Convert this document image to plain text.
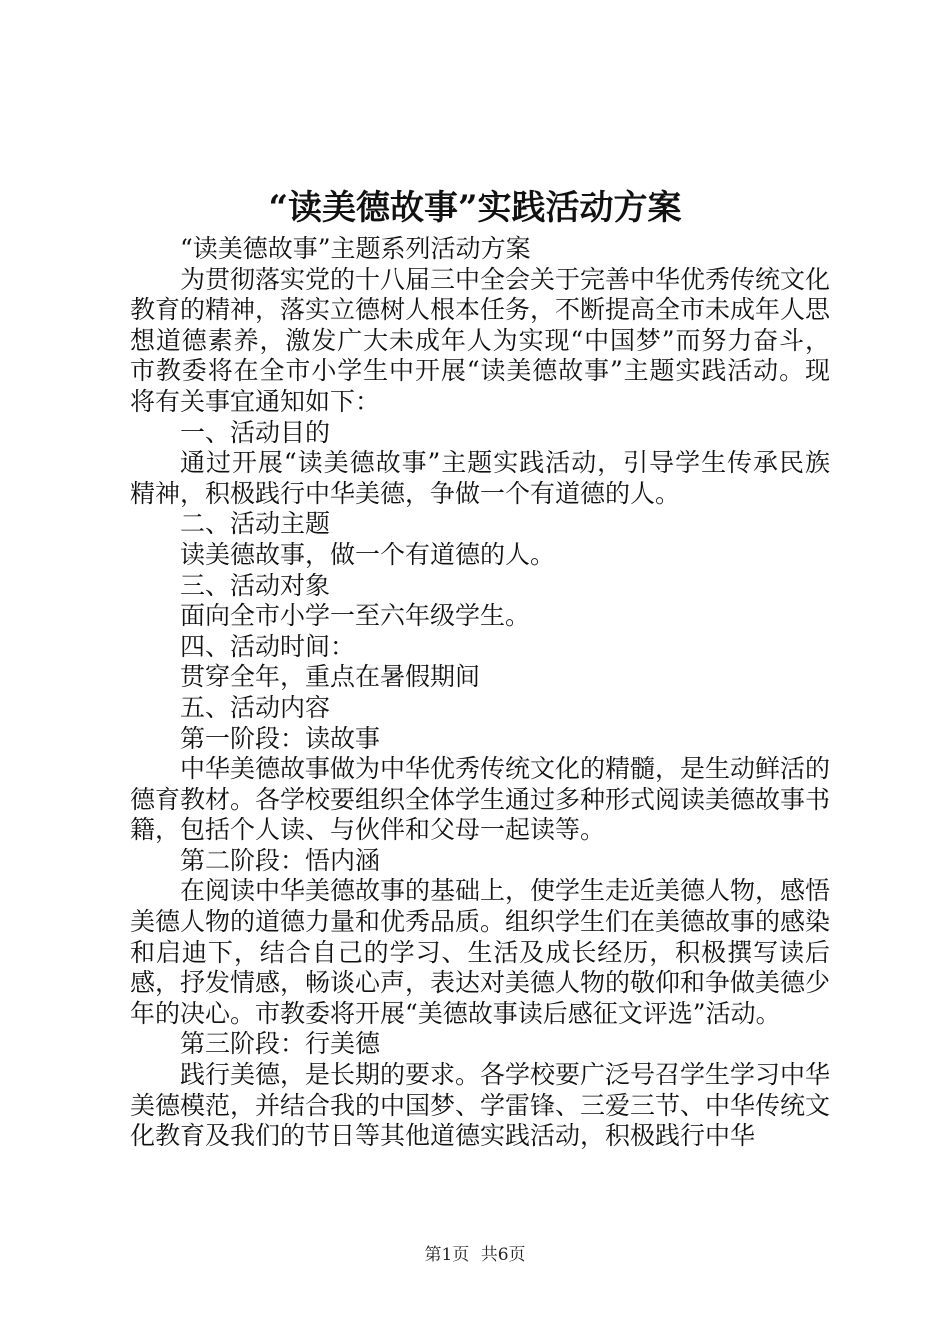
“读美德故事”实践活动方案

“读美德故事”主题系列活动方案

为贯彻落实党的十八届三中全会关于完善中华优秀传统文化教育的精神，落实立德树人根本任务，不断提高全市未成年人思想道德素养，激发广大未成年人为实现“中国梦”而努力奋斗，市教委将在全市小学生中开展“读美德故事”主题实践活动。现将有关事宜通知如下：

一、活动目的

通过开展“读美德故事”主题实践活动，引导学生传承民族精神，积极践行中华美德，争做一个有道德的人。

二、活动主题

读美德故事，做一个有道德的人。

三、活动对象

面向全市小学一至六年级学生。

四、活动时间：

贯穿全年，重点在暑假期间

五、活动内容

第一阶段：读故事

中华美德故事做为中华优秀传统文化的精髓，是生动鲜活的德育教材。各学校要组织全体学生通过多种形式阅读美德故事书籍，包括个人读、与伙伴和父母一起读等。

第二阶段：悟内涵

在阅读中华美德故事的基础上，使学生走近美德人物，感悟美德人物的道德力量和优秀品质。组织学生们在美德故事的感染和启迪下，结合自己的学习、生活及成长经历，积极撰写读后感，抒发情感，畅谈心声，表达对美德人物的敬仰和争做美德少年的决心。市教委将开展“美德故事读后感征文评选”活动。

第三阶段：行美德

践行美德，是长期的要求。各学校要广泛号召学生学习中华美德模范，并结合我的中国梦、学雷锋、三爱三节、中华传统文化教育及我们的节日等其他道德实践活动，积极践行中华

第1页 共6页
